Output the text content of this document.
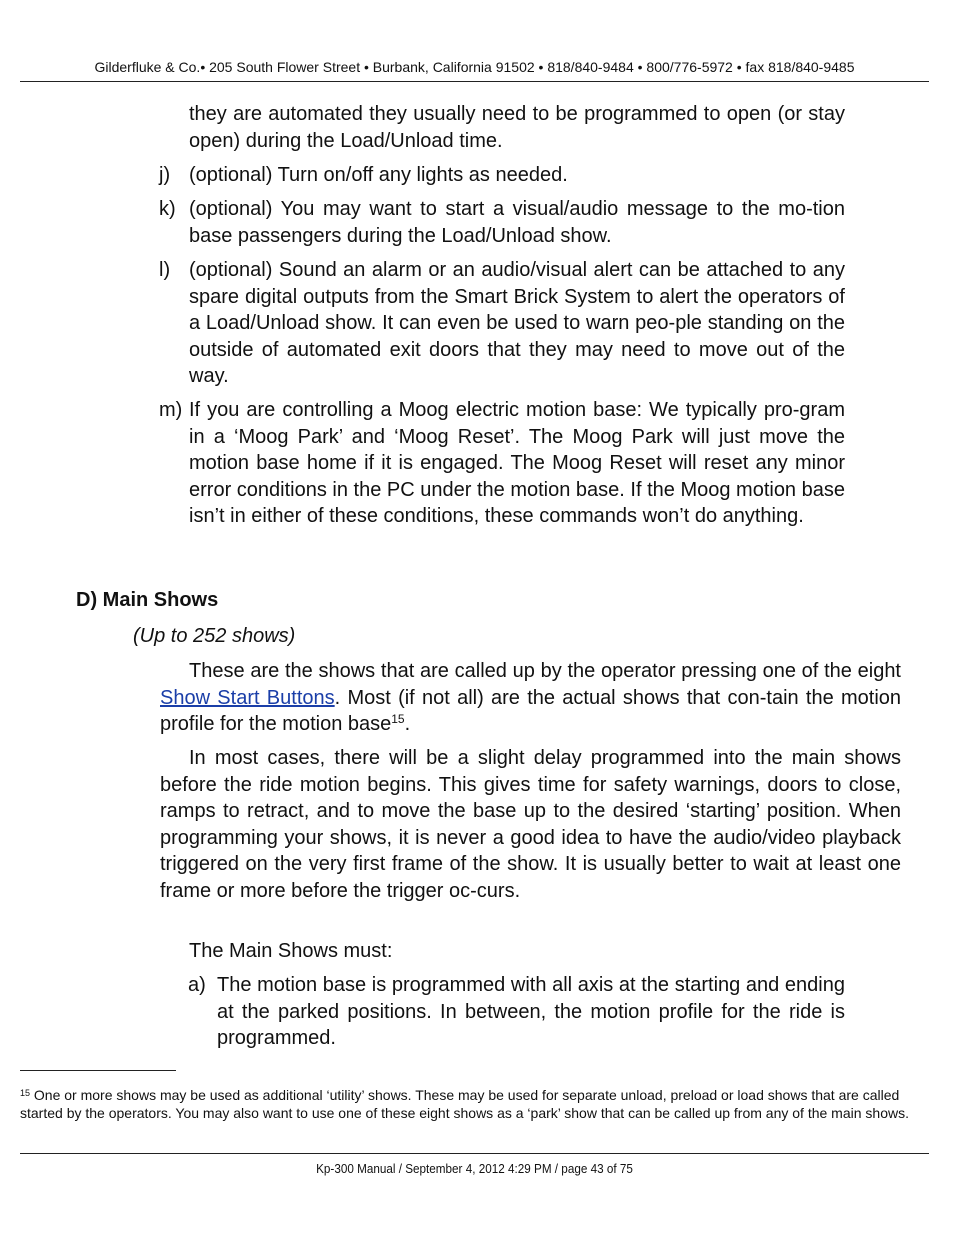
Gilderfluke & Co.• 205 South Flower Street • Burbank, California 91502 • 818/840-9484 • 800/776-5972 • fax 818/840-9485
they are automated they usually need to be programmed to open (or stay open) during the Load/Unload time.
j) (optional) Turn on/off any lights as needed.
k) (optional) You may want to start a visual/audio message to the mo-tion base passengers during the Load/Unload show.
l) (optional) Sound an alarm or an audio/visual alert can be attached to any spare digital outputs from the Smart Brick System to alert the operators of a Load/Unload show. It can even be used to warn peo-ple standing on the outside of automated exit doors that they may need to move out of the way.
m) If you are controlling a Moog electric motion base: We typically pro-gram in a ‘Moog Park’ and ‘Moog Reset’. The Moog Park will just move the motion base home if it is engaged. The Moog Reset will reset any minor error conditions in the PC under the motion base. If the Moog motion base isn’t in either of these conditions, these commands won’t do anything.
D) Main Shows
(Up to 252 shows)
These are the shows that are called up by the operator pressing one of the eight Show Start Buttons. Most (if not all) are the actual shows that con-tain the motion profile for the motion base$^{15}$.
In most cases, there will be a slight delay programmed into the main shows before the ride motion begins. This gives time for safety warnings, doors to close, ramps to retract, and to move the base up to the desired ‘starting’ position. When programming your shows, it is never a good idea to have the audio/video playback triggered on the very first frame of the show. It is usually better to wait at least one frame or more before the trigger oc-curs.
The Main Shows must:
a) The motion base is programmed with all axis at the starting and ending at the parked positions. In between, the motion profile for the ride is programmed.
$^{15}$ One or more shows may be used as additional ‘utility’ shows. These may be used for separate unload, preload or load shows that are called started by the operators. You may also want to use one of these eight shows as a ‘park’ show that can be called up from any of the main shows.
Kp-300 Manual / September 4, 2012 4:29 PM / page 43 of 75
